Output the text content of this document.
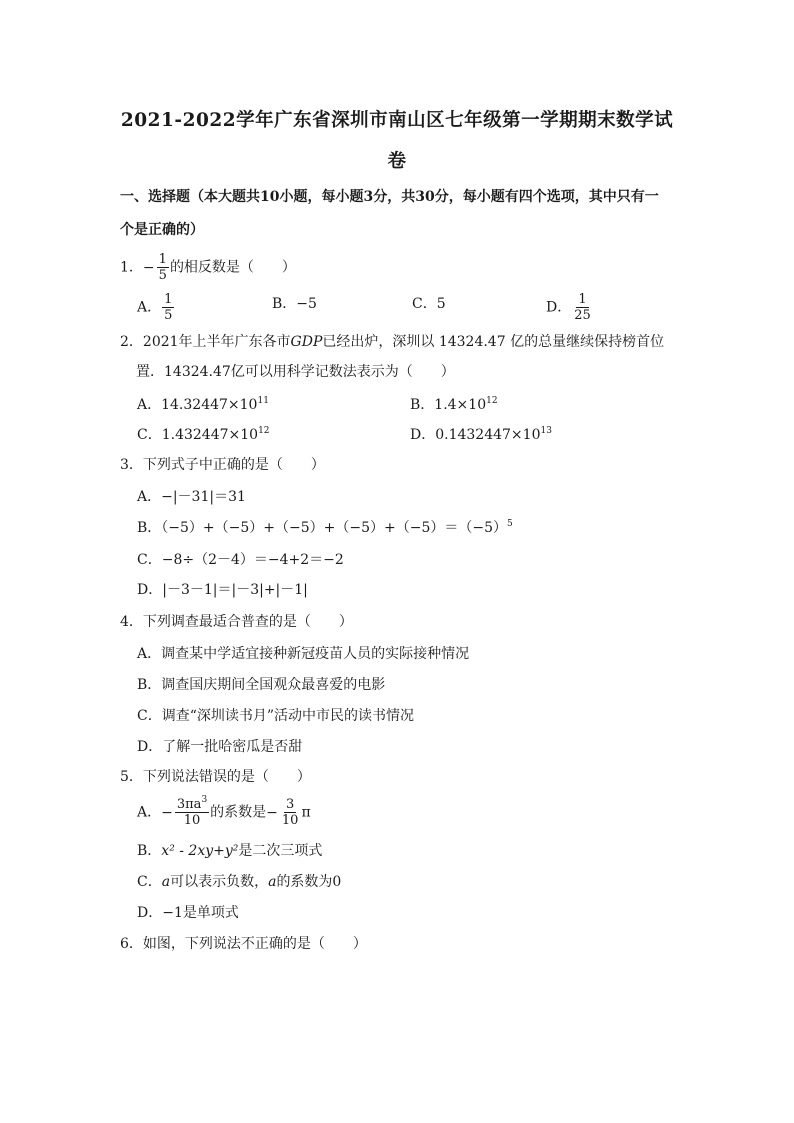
2021-2022学年广东省深圳市南山区七年级第一学期期末数学试
卷
一、选择题（本大题共10小题，每小题3分，共30分，每小题有四个选项，其中只有一
个是正确的）
1．− $\frac{1}{5}$ 的相反数是（　　）
A． $\frac{1}{5}$	B．−5	C．5	D． $\frac{1}{25}$
2．2021年上半年广东各市GDP已经出炉，深圳以 14324.47 亿的总量继续保持榜首位
置．14324.47亿可以用科学记数法表示为（　　）
A．$14.32447\times 10^{11}$	B．$1.4\times 10^{12}$
C．$1.432447\times 10^{12}$	D．$0.1432447\times 10^{13}$
3．下列式子中正确的是（　　）
A．−|－31|＝31
B．$(-5)+(-5)+(-5)+(-5)+(-5)=(-5)^5$
C．−8÷（2－4）＝−4+2＝−2
D．|－3－1|＝|－3|+|－1|
4．下列调查最适合普查的是（　　）
A．调查某中学适宜接种新冠疫苗人员的实际接种情况
B．调查国庆期间全国观众最喜爱的电影
C．调查“深圳读书月”活动中市民的读书情况
D．了解一批哈密瓜是否甜
5．下列说法错误的是（　　）
A．− $\frac{3\pi a^3}{10}$ 的系数是− $\frac{3}{10}$ π
B．x² - 2xy+y²是二次三项式
C．a可以表示负数，a的系数为0
D．−1是单项式
6．如图，下列说法不正确的是（　　）
